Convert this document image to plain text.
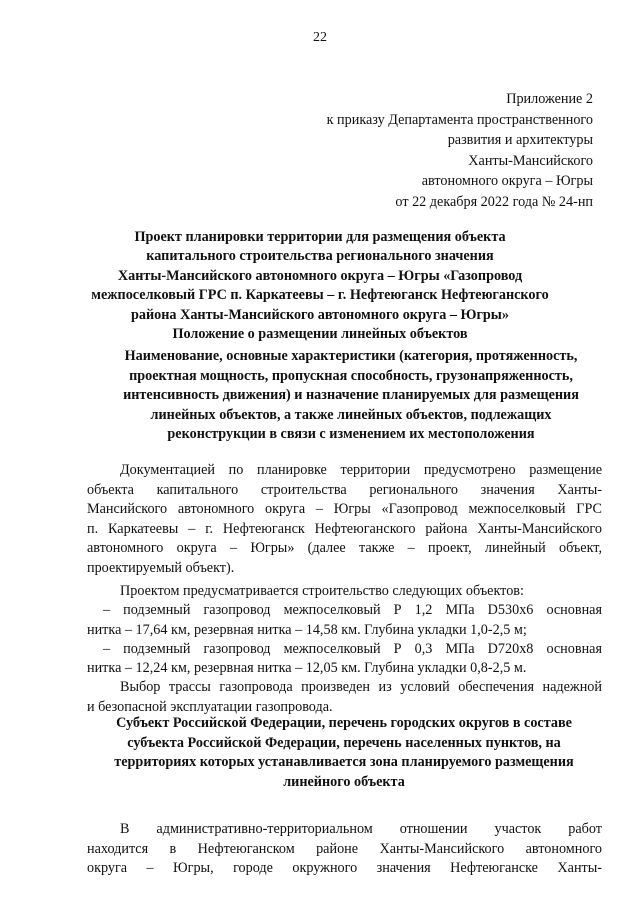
22
Приложение 2
к приказу Департамента пространственного
развития и архитектуры
Ханты-Мансийского
автономного округа – Югры
от 22 декабря 2022 года № 24-нп
Проект планировки территории для размещения объекта
капитального строительства регионального значения
Ханты-Мансийского автономного округа – Югры «Газопровод
межпоселковый ГРС п. Каркатеевы – г. Нефтеюганск Нефтеюганского
района Ханты-Мансийского автономного округа – Югры»
Положение о размещении линейных объектов
Наименование, основные характеристики (категория, протяженность,
проектная мощность, пропускная способность, грузонапряженность,
интенсивность движения) и назначение планируемых для размещения
линейных объектов, а также линейных объектов, подлежащих
реконструкции в связи с изменением их местоположения
Документацией по планировке территории предусмотрено размещение
объекта капитального строительства регионального значения Ханты-
Мансийского автономного округа – Югры «Газопровод межпоселковый ГРС
п. Каркатеевы – г. Нефтеюганск Нефтеюганского района Ханты-Мансийского
автономного округа – Югры» (далее также – проект, линейный объект,
проектируемый объект).
Проектом предусматривается строительство следующих объектов:
– подземный газопровод межпоселковый Р 1,2 МПа D530х6 основная
нитка – 17,64 км, резервная нитка – 14,58 км. Глубина укладки 1,0-2,5 м;
– подземный газопровод межпоселковый Р 0,3 МПа D720х8 основная
нитка – 12,24 км, резервная нитка – 12,05 км. Глубина укладки 0,8-2,5 м.
Выбор трассы газопровода произведен из условий обеспечения надежной
и безопасной эксплуатации газопровода.
Субъект Российской Федерации, перечень городских округов в составе
субъекта Российской Федерации, перечень населенных пунктов, на
территориях которых устанавливается зона планируемого размещения
линейного объекта
В административно-территориальном отношении участок работ
находится в Нефтеюганском районе Ханты-Мансийского автономного
округа – Югры, городе окружного значения Нефтеюганске Ханты-
